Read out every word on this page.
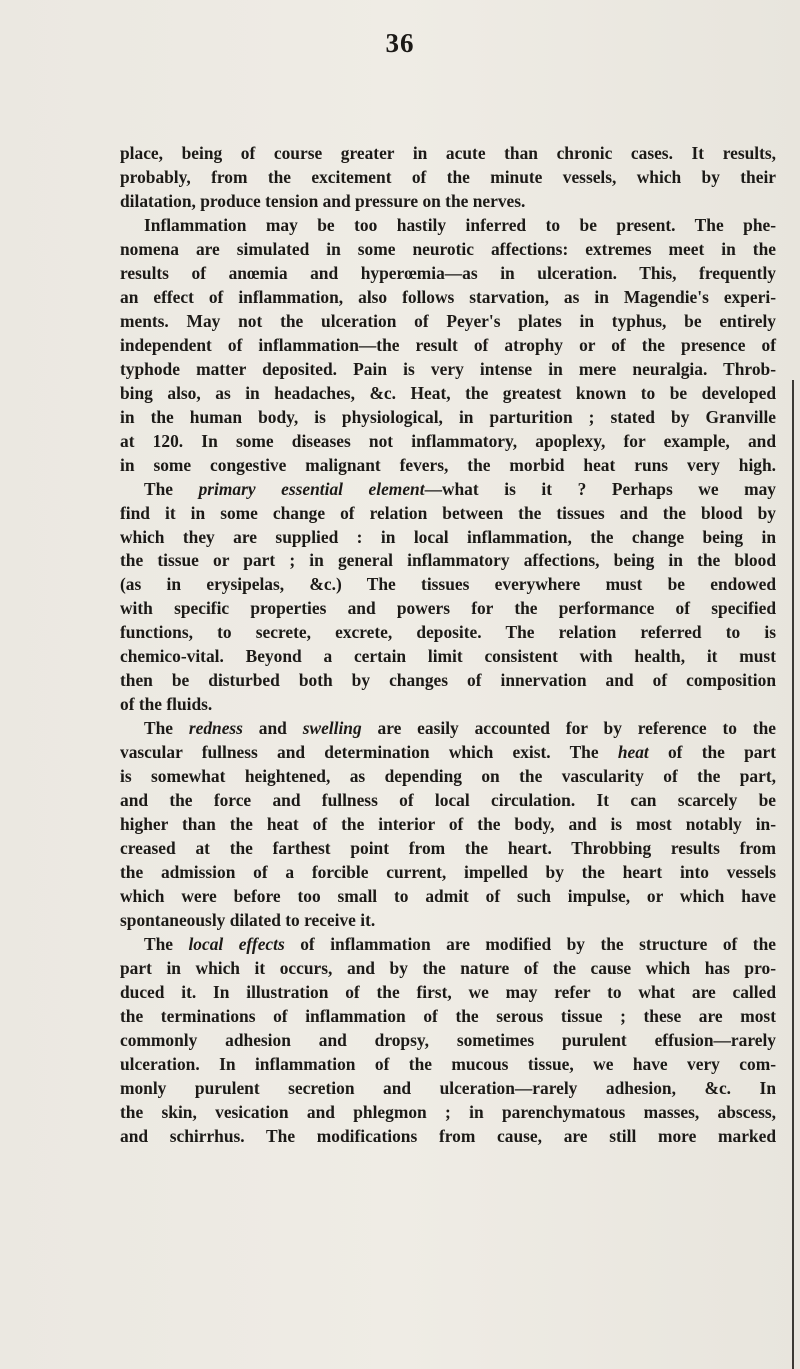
36
place, being of course greater in acute than chronic cases. It results,
probably, from the excitement of the minute vessels, which by their
dilatation, produce tension and pressure on the nerves.
Inflammation may be too hastily inferred to be present. The phe-
nomena are simulated in some neurotic affections: extremes meet in the
results of anœmia and hyperœmia—as in ulceration. This, frequently
an effect of inflammation, also follows starvation, as in Magendie's experi-
ments. May not the ulceration of Peyer's plates in typhus, be entirely
independent of inflammation—the result of atrophy or of the presence of
typhode matter deposited. Pain is very intense in mere neuralgia. Throb-
bing also, as in headaches, &c. Heat, the greatest known to be developed
in the human body, is physiological, in parturition ; stated by Granville
at 120. In some diseases not inflammatory, apoplexy, for example, and
in some congestive malignant fevers, the morbid heat runs very high.
The primary essential element—what is it ? Perhaps we may
find it in some change of relation between the tissues and the blood by
which they are supplied : in local inflammation, the change being in
the tissue or part ; in general inflammatory affections, being in the blood
(as in erysipelas, &c.) The tissues everywhere must be endowed
with specific properties and powers for the performance of specified
functions, to secrete, excrete, deposite. The relation referred to is
chemico-vital. Beyond a certain limit consistent with health, it must
then be disturbed both by changes of innervation and of composition
of the fluids.
The redness and swelling are easily accounted for by reference to the
vascular fullness and determination which exist. The heat of the part
is somewhat heightened, as depending on the vascularity of the part,
and the force and fullness of local circulation. It can scarcely be
higher than the heat of the interior of the body, and is most notably in-
creased at the farthest point from the heart. Throbbing results from
the admission of a forcible current, impelled by the heart into vessels
which were before too small to admit of such impulse, or which have
spontaneously dilated to receive it.
The local effects of inflammation are modified by the structure of the
part in which it occurs, and by the nature of the cause which has pro-
duced it. In illustration of the first, we may refer to what are called
the terminations of inflammation of the serous tissue ; these are most
commonly adhesion and dropsy, sometimes purulent effusion—rarely
ulceration. In inflammation of the mucous tissue, we have very com-
monly purulent secretion and ulceration—rarely adhesion, &c. In
the skin, vesication and phlegmon ; in parenchymatous masses, abscess,
and schirrhus. The modifications from cause, are still more marked
